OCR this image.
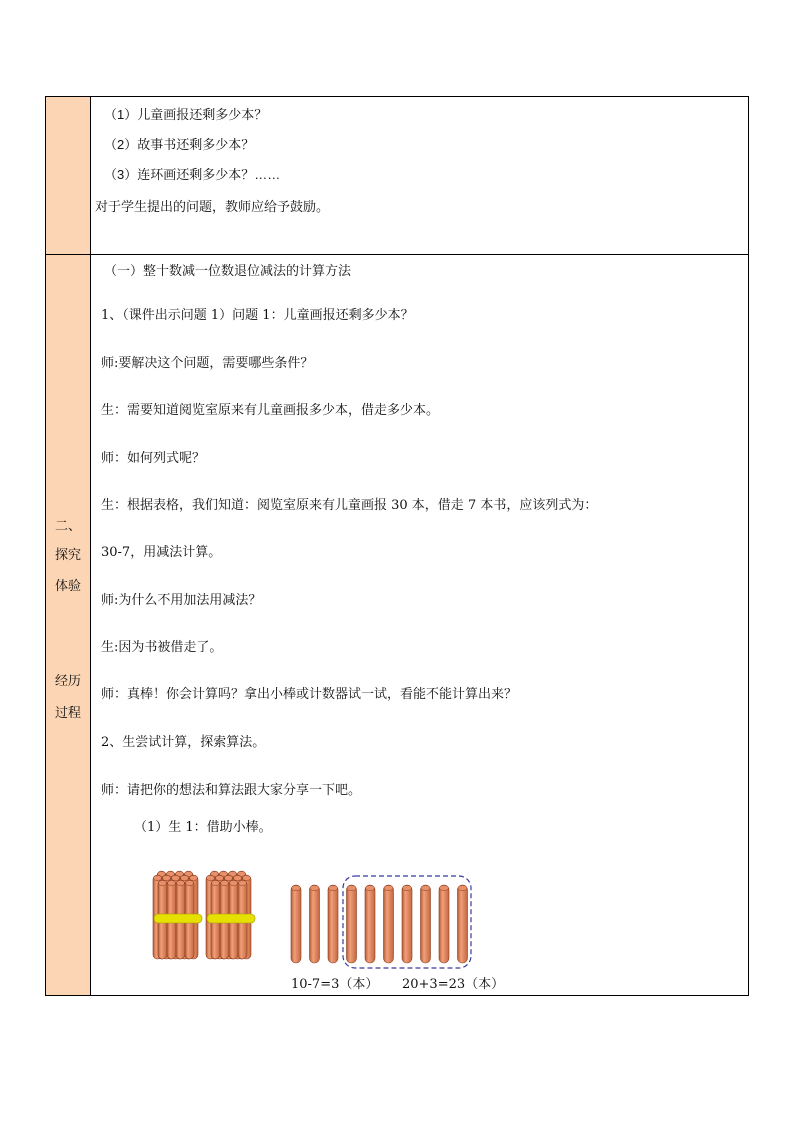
二、
探究
体验
经历
过程
（1）儿童画报还剩多少本？
（2）故事书还剩多少本？
（3）连环画还剩多少本？……
对于学生提出的问题，教师应给予鼓励。
（一）整十数减一位数退位减法的计算方法
1、（课件出示问题 1）问题 1：儿童画报还剩多少本？
师:要解决这个问题，需要哪些条件？
生：需要知道阅览室原来有儿童画报多少本，借走多少本。
师：如何列式呢？
生：根据表格，我们知道：阅览室原来有儿童画报 30 本，借走 7 本书，应该列式为：
30-7，用减法计算。
师:为什么不用加法用减法？
生:因为书被借走了。
师：真棒！你会计算吗？拿出小棒或计数器试一试，看能不能计算出来？
2、生尝试计算，探索算法。
师：请把你的想法和算法跟大家分享一下吧。
（1）生 1：借助小棒。
10-7=3（本） 20+3=23（本）
